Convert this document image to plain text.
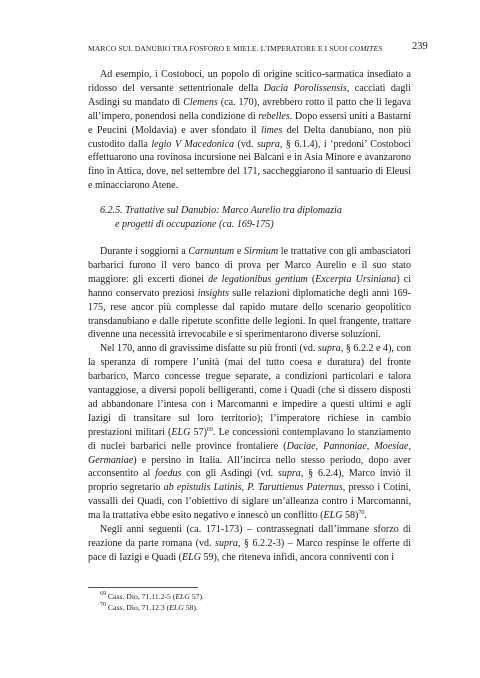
MARCO SUL DANUBIO TRA FOSFORO E MIELE. L’IMPERATORE E I SUOI COMITES	239

Ad esempio, i Costoboci, un popolo di origine scitico-sarmatica insediato a ridosso del versante settentrionale della Dacia Porolissensis, cacciati dagli Asdingi su mandato di Clemens (ca. 170), avrebbero rotto il patto che li legava all’impero, ponendosi nella condizione di rebelles. Dopo essersi uniti a Bastarni e Peucini (Moldavia) e aver sfondato il limes del Delta danubiano, non più custodito dalla legio V Macedonica (vd. supra, § 6.1.4), i ‘predoni’ Costoboci effettuarono una rovinosa incursione nei Balcani e in Asia Minore e avanzarono fino in Attica, dove, nel settembre del 171, saccheggiarono il santuario di Eleusi e minacciarono Atene.

6.2.5. Trattative sul Danubio: Marco Aurelio tra diplomazia
e progetti di occupazione (ca. 169-175)

Durante i soggiorni a Carnuntum e Sirmium le trattative con gli ambasciatori barbarici furono il vero banco di prova per Marco Aurelio e il suo stato maggiore: gli excerti dionei de legationibus gentium (Excerpta Ursiniana) ci hanno conservato preziosi insights sulle relazioni diplomatiche degli anni 169-175, rese ancor più complesse dal rapido mutare dello scenario geopolitico transdanubiano e dalle ripetute sconfitte delle legioni. In quel frangente, trattare divenne una necessità irrevocabile e si sperimentarono diverse soluzioni.

Nel 170, anno di gravissime disfatte su più fronti (vd. supra, § 6.2.2 e 4), con la speranza di rompere l’unità (mai del tutto coesa e duratura) del fronte barbarico, Marco concesse tregue separate, a condizioni particolari e talora vantaggiose, a diversi popoli belligeranti, come i Quadi (che si dissero disposti ad abbandonare l’intesa con i Marcomanni e impedire a questi ultimi e agli Iazigi di transitare sul loro territorio); l’imperatore richiese in cambio prestazioni militari (ELG 57)$^{69}$. Le concessioni contemplavano lo stanziamento di nuclei barbarici nelle province frontaliere (Daciae, Pannoniae, Moesiae, Germaniae) e persino in Italia. All’incirca nello stesso periodo, dopo aver acconsentito al foedus con gli Asdingi (vd. supra, § 6.2.4), Marco inviò il proprio segretario ab epistulis Latinis, P. Taruttienus Paternus, presso i Cotini, vassalli dei Quadi, con l’obiettivo di siglare un’alleanza contro i Marcomanni, ma la trattativa ebbe esito negativo e innescò un conflitto (ELG 58)$^{70}$.

Negli anni seguenti (ca. 171-173) – contrassegnati dall’immane sforzo di reazione da parte romana (vd. supra, § 6.2.2-3) – Marco respinse le offerte di pace di Iazigi e Quadi (ELG 59), che riteneva infidi, ancora conniventi con i

$^{69}$ Cass. Dio, 71.11.2-5 (ELG 57).
$^{70}$ Cass. Dio, 71.12.3 (ELG 58).
